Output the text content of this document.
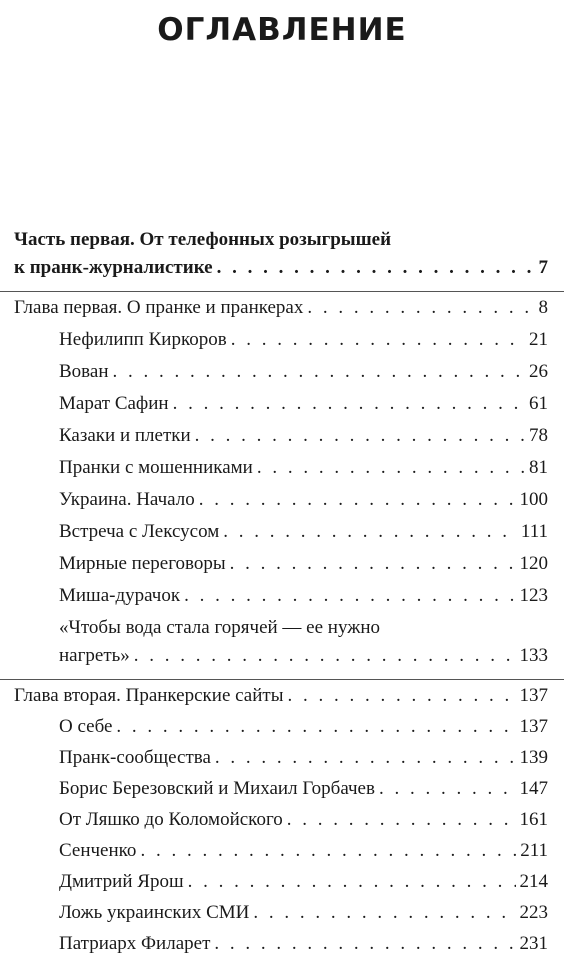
ОГЛАВЛЕНИЕ
Часть первая. От телефонных розыгрышей
к пранк-журналистике . . .	7
Глава первая. О пранке и пранкерах . . .	8
Нефилипп Киркоров . . .	21
Вован . . .	26
Марат Сафин . . .	61
Казаки и плетки . . .	78
Пранки с мошенниками . . .	81
Украина. Начало . . .	100
Встреча с Лексусом . . .	111
Мирные переговоры . . .	120
Миша-дурачок . . .	123
«Чтобы вода стала горячей — ее нужно
нагреть» . . .	133
Глава вторая. Пранкерские сайты . . .	137
О себе . . .	137
Пранк-сообщества . . .	139
Борис Березовский и Михаил Горбачев . . .	147
От Ляшко до Коломойского . . .	161
Сенченко . . .	211
Дмитрий Ярош . . .	214
Ложь украинских СМИ . . .	223
Патриарх Филарет . . .	231
